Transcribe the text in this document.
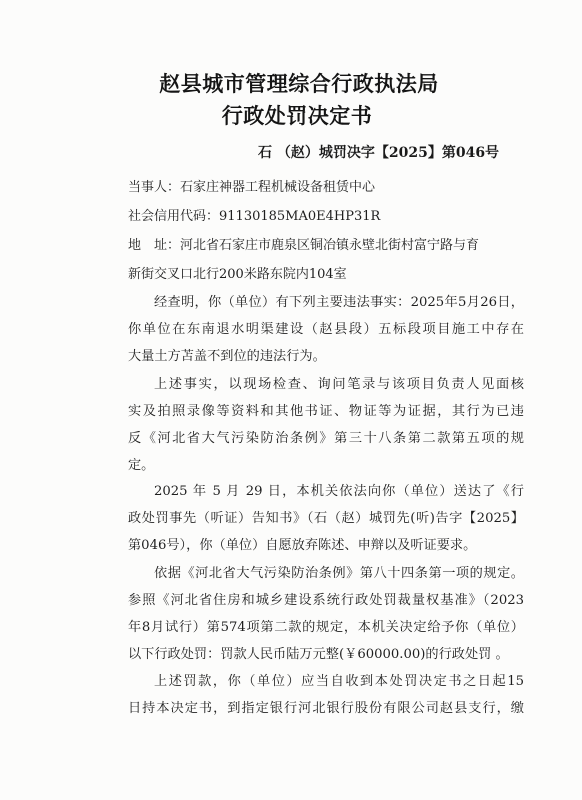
赵县城市管理综合行政执法局
行政处罚决定书
石 （赵）城罚决字【2025】第046号
当事人：石家庄神器工程机械设备租赁中心
社会信用代码：91130185MA0E4HP31R
地　址：河北省石家庄市鹿泉区铜冶镇永壁北街村富宁路与育
新街交叉口北行200米路东院内104室
经查明，你（单位）有下列主要违法事实：2025年5月26日，
你单位在东南退水明渠建设（赵县段）五标段项目施工中存在
大量土方苫盖不到位的违法行为。
上述事实，以现场检查、询问笔录与该项目负责人见面核
实及拍照录像等资料和其他书证、物证等为证据，其行为已违
反《河北省大气污染防治条例》第三十八条第二款第五项的规
定。
2025 年 5 月 29 日，本机关依法向你（单位）送达了《行
政处罚事先（听证）告知书》（石（赵）城罚先(听)告字【2025】
第046号），你（单位）自愿放弃陈述、申辩以及听证要求。
依据《河北省大气污染防治条例》第八十四条第一项的规定。
参照《河北省住房和城乡建设系统行政处罚裁量权基准》（2023
年8月试行）第574项第二款的规定，本机关决定给予你（单位）
以下行政处罚：罚款人民币陆万元整(￥60000.00)的行政处罚 。
上述罚款，你（单位）应当自收到本处罚决定书之日起15
日持本决定书，到指定银行河北银行股份有限公司赵县支行，缴
